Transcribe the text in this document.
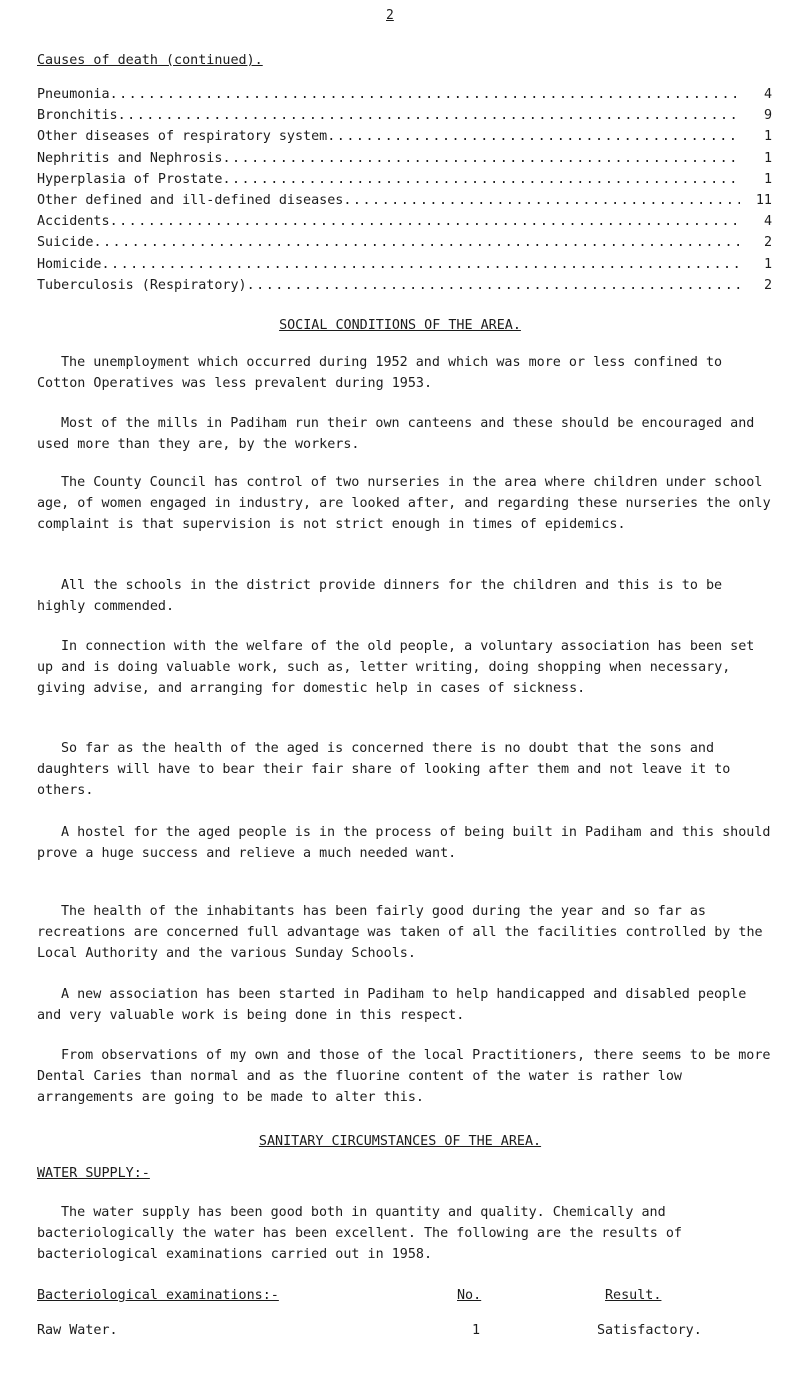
2
Causes of death (continued).
Pneumonia .....	4
Bronchitis .....	9
Other diseases of respiratory system .....	1
Nephritis and Nephrosis .....	1
Hyperplasia of Prostate .....	1
Other defined and ill-defined diseases .....	11
Accidents .....	4
Suicide .....	2
Homicide .....	1
Tuberculosis (Respiratory) .....	2
SOCIAL CONDITIONS OF THE AREA.

The unemployment which occurred during 1952 and which was more or less confined to Cotton Operatives was less prevalent during 1953.

Most of the mills in Padiham run their own canteens and these should be encouraged and used more than they are, by the workers.

The County Council has control of two nurseries in the area where children under school age, of women engaged in industry, are looked after, and regarding these nurseries the only complaint is that supervision is not strict enough in times of epidemics.

All the schools in the district provide dinners for the children and this is to be highly commended.

In connection with the welfare of the old people, a voluntary association has been set up and is doing valuable work, such as, letter writing, doing shopping when necessary, giving advise, and arranging for domestic help in cases of sickness.

So far as the health of the aged is concerned there is no doubt that the sons and daughters will have to bear their fair share of looking after them and not leave it to others.

A hostel for the aged people is in the process of being built in Padiham and this should prove a huge success and relieve a much needed want.

The health of the inhabitants has been fairly good during the year and so far as recreations are concerned full advantage was taken of all the facilities controlled by the Local Authority and the various Sunday Schools.

A new association has been started in Padiham to help handicapped and disabled people and very valuable work is being done in this respect.

From observations of my own and those of the local Practitioners, there seems to be more Dental Caries than normal and as the fluorine content of the water is rather low arrangements are going to be made to alter this.

SANITARY CIRCUMSTANCES OF THE AREA.
WATER SUPPLY:-

The water supply has been good both in quantity and quality. Chemically and bacteriologically the water has been excellent. The following are the results of bacteriological examinations carried out in 1958.

Bacteriological examinations:-	No.	Result.
Raw Water.	1	Satisfactory.
